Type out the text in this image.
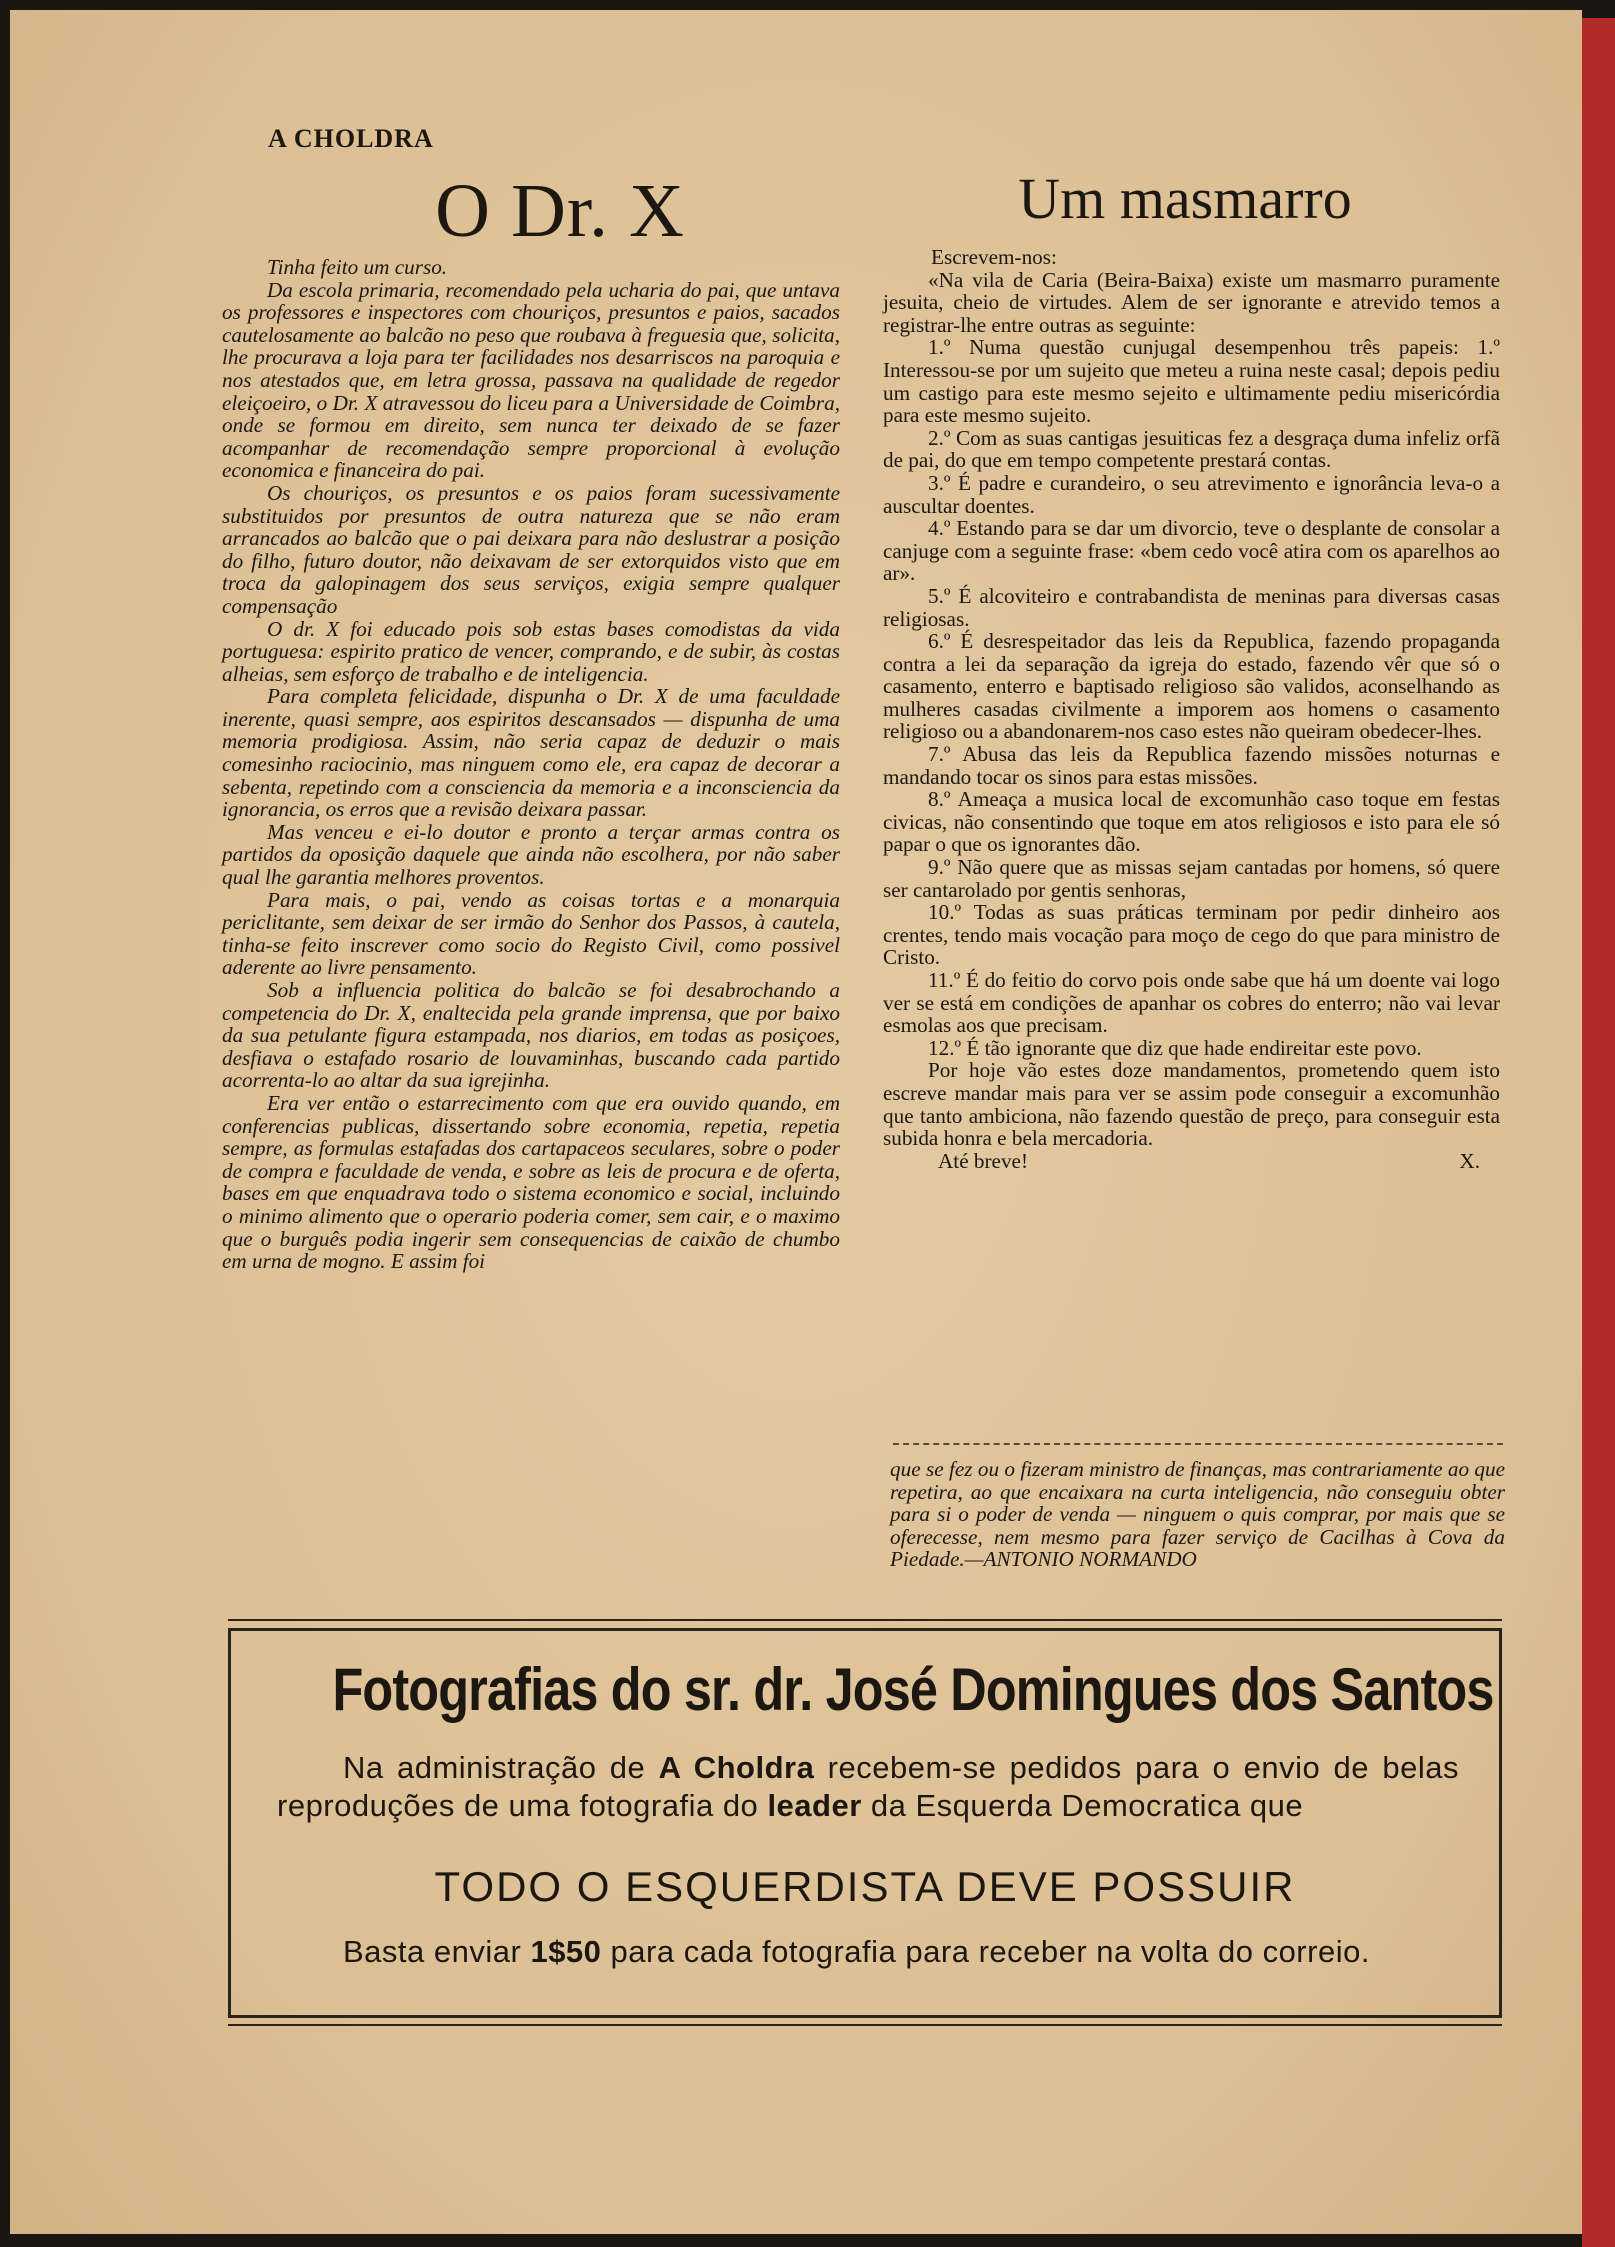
A CHOLDRA
O Dr. X	Um masmarro

Tinha feito um curso.

Da escola primaria, recomendado pela ucharia do pai, que untava os professores e inspectores com chouriços, presuntos e paios, sacados cautelosamente ao balcão no peso que roubava à freguesia que, solicita, lhe procurava a loja para ter facilidades nos desarriscos na paroquia e nos atestados que, em letra grossa, passava na qualidade de regedor eleiçoeiro, o Dr. X atravessou do liceu para a Universidade de Coimbra, onde se formou em direito, sem nunca ter deixado de se fazer acompanhar de recomendação sempre proporcional à evolução economica e financeira do pai.

Os chouriços, os presuntos e os paios foram sucessivamente substituidos por presuntos de outra natureza que se não eram arrancados ao balcão que o pai deixara para não deslustrar a posição do filho, futuro doutor, não deixavam de ser extorquidos visto que em troca da galopinagem dos seus serviços, exigia sempre qualquer compensação

O dr. X foi educado pois sob estas bases comodistas da vida portuguesa: espirito pratico de vencer, comprando, e de subir, às costas alheias, sem esforço de trabalho e de inteligencia.

Para completa felicidade, dispunha o Dr. X de uma faculdade inerente, quasi sempre, aos espiritos descansados — dispunha de uma memoria prodigiosa. Assim, não seria capaz de deduzir o mais comesinho raciocinio, mas ninguem como ele, era capaz de decorar a sebenta, repetindo com a consciencia da memoria e a inconsciencia da ignorancia, os erros que a revisão deixara passar.

Mas venceu e ei-lo doutor e pronto a terçar armas contra os partidos da oposição daquele que ainda não escolhera, por não saber qual lhe garantia melhores proventos.

Para mais, o pai, vendo as coisas tortas e a monarquia periclitante, sem deixar de ser irmão do Senhor dos Passos, à cautela, tinha-se feito inscrever como socio do Registo Civil, como possivel aderente ao livre pensamento.

Sob a influencia politica do balcão se foi desabrochando a competencia do Dr. X, enaltecida pela grande imprensa, que por baixo da sua petulante figura estampada, nos diarios, em todas as posiçoes, desfiava o estafado rosario de louvaminhas, buscando cada partido acorrenta-lo ao altar da sua igrejinha.

Era ver então o estarrecimento com que era ouvido quando, em conferencias publicas, dissertando sobre economia, repetia, repetia sempre, as formulas estafadas dos cartapaceos seculares, sobre o poder de compra e faculdade de venda, e sobre as leis de procura e de oferta, bases em que enquadrava todo o sistema economico e social, incluindo o minimo alimento que o operario poderia comer, sem cair, e o maximo que o burguês podia ingerir sem consequencias de caixão de chumbo em urna de mogno. E assim foi

Escrevem-nos:

«Na vila de Caria (Beira-Baixa) existe um masmarro puramente jesuita, cheio de virtudes. Alem de ser ignorante e atrevido temos a registrar-lhe entre outras as seguinte:

1.º Numa questão cunjugal desempenhou três papeis: 1.º Interessou-se por um sujeito que meteu a ruina neste casal; depois pediu um castigo para este mesmo sejeito e ultimamente pediu misericórdia para este mesmo sujeito.

2.º Com as suas cantigas jesuiticas fez a desgraça duma infeliz orfã de pai, do que em tempo competente prestará contas.

3.º É padre e curandeiro, o seu atrevimento e ignorância leva-o a auscultar doentes.

4.º Estando para se dar um divorcio, teve o desplante de consolar a canjuge com a seguinte frase: «bem cedo você atira com os aparelhos ao ar».

5.º É alcoviteiro e contrabandista de meninas para diversas casas religiosas.

6.º É desrespeitador das leis da Republica, fazendo propaganda contra a lei da separação da igreja do estado, fazendo vêr que só o casamento, enterro e baptisado religioso são validos, aconselhando as mulheres casadas civilmente a imporem aos homens o casamento religioso ou a abandonarem-nos caso estes não queiram obedecer-lhes.

7.º Abusa das leis da Republica fazendo missões noturnas e mandando tocar os sinos para estas missões.

8.º Ameaça a musica local de excomunhão caso toque em festas civicas, não consentindo que toque em atos religiosos e isto para ele só papar o que os ignorantes dão.

9.º Não quere que as missas sejam cantadas por homens, só quere ser cantarolado por gentis senhoras,

10.º Todas as suas práticas terminam por pedir dinheiro aos crentes, tendo mais vocação para moço de cego do que para ministro de Cristo.

11.º É do feitio do corvo pois onde sabe que há um doente vai logo ver se está em condições de apanhar os cobres do enterro; não vai levar esmolas aos que precisam.

12.º É tão ignorante que diz que hade endireitar este povo.

Por hoje vão estes doze mandamentos, prometendo quem isto escreve mandar mais para ver se assim pode conseguir a excomunhão que tanto ambiciona, não fazendo questão de preço, para conseguir esta subida honra e bela mercadoria.

Até breve!	X.

que se fez ou o fizeram ministro de finanças, mas contrariamente ao que repetira, ao que encaixara na curta inteligencia, não conseguiu obter para si o poder de venda — ninguem o quis comprar, por mais que se oferecesse, nem mesmo para fazer serviço de Cacilhas à Cova da Piedade.—ANTONIO NORMANDO

Fotografias do sr. dr. José Domingues dos Santos
Na administração de A Choldra recebem-se pedidos para o envio de belas reproduções de uma fotografia do leader da Esquerda Democratica que
TODO O ESQUERDISTA DEVE POSSUIR
Basta enviar 1$50 para cada fotografia para receber na volta do correio.
